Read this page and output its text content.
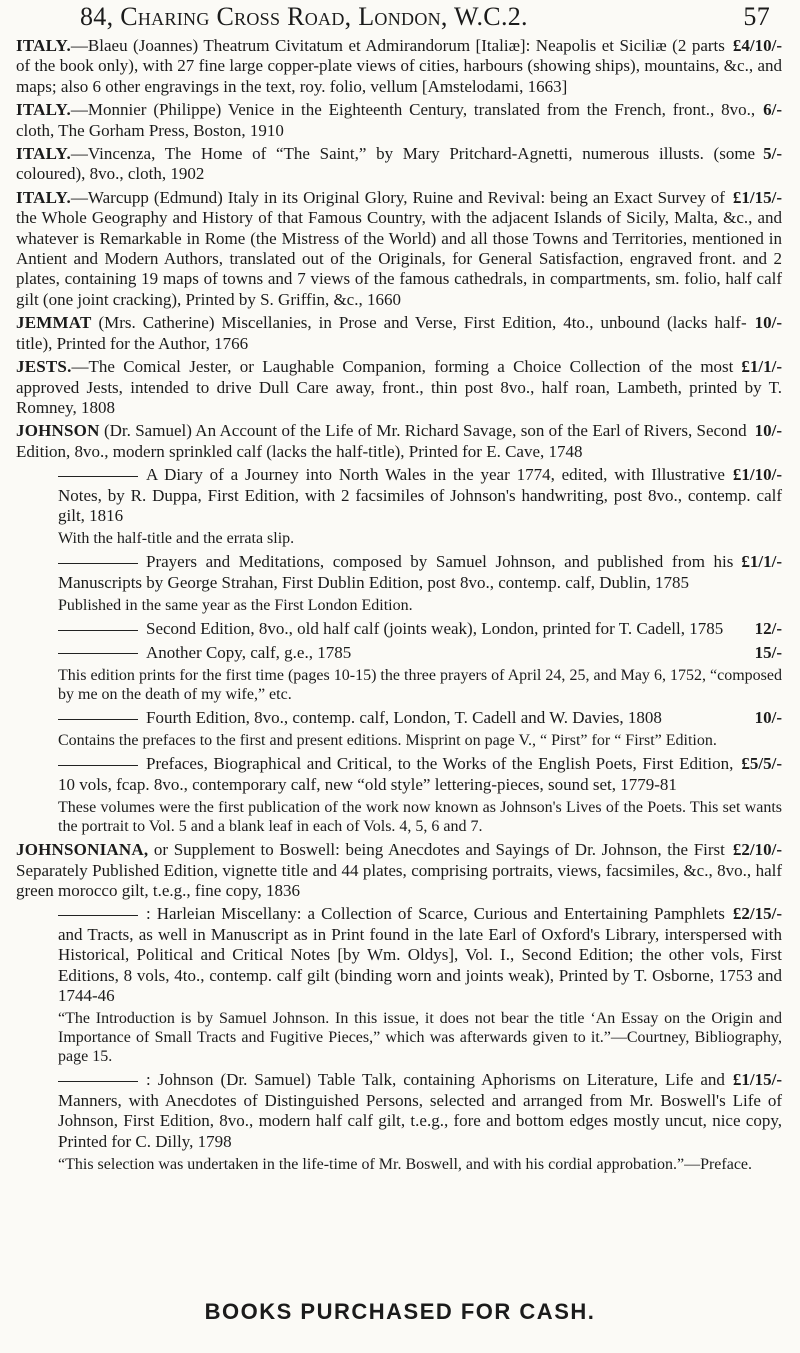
84, Charing Cross Road, London, W.C.2.	57
£4/10/-
ITALY.—Blaeu (Joannes) Theatrum Civitatum et Admirandorum [Italiæ]: Neapolis et Siciliæ (2 parts of the book only), with 27 fine large copper-plate views of cities, harbours (showing ships), mountains, &c., and maps; also 6 other engravings in the text, roy. folio, vellum [Amstelodami, 1663]
6/-
ITALY.—Monnier (Philippe) Venice in the Eighteenth Century, translated from the French, front., 8vo., cloth, The Gorham Press, Boston, 1910
5/-
ITALY.—Vincenza, The Home of “The Saint,” by Mary Pritchard-Agnetti, numerous illusts. (some coloured), 8vo., cloth, 1902
£1/15/-
ITALY.—Warcupp (Edmund) Italy in its Original Glory, Ruine and Revival: being an Exact Survey of the Whole Geography and History of that Famous Country, with the adjacent Islands of Sicily, Malta, &c., and whatever is Remarkable in Rome (the Mistress of the World) and all those Towns and Territories, mentioned in Antient and Modern Authors, translated out of the Originals, for General Satisfaction, engraved front. and 2 plates, containing 19 maps of towns and 7 views of the famous cathedrals, in compartments, sm. folio, half calf gilt (one joint cracking), Printed by S. Griffin, &c., 1660
10/-
JEMMAT (Mrs. Catherine) Miscellanies, in Prose and Verse, First Edition, 4to., unbound (lacks half-title), Printed for the Author, 1766
£1/1/-
JESTS.—The Comical Jester, or Laughable Companion, forming a Choice Collection of the most approved Jests, intended to drive Dull Care away, front., thin post 8vo., half roan, Lambeth, printed by T. Romney, 1808
10/-
JOHNSON (Dr. Samuel) An Account of the Life of Mr. Richard Savage, son of the Earl of Rivers, Second Edition, 8vo., modern sprinkled calf (lacks the half-title), Printed for E. Cave, 1748
£1/10/-
A Diary of a Journey into North Wales in the year 1774, edited, with Illustrative Notes, by R. Duppa, First Edition, with 2 facsimiles of Johnson's handwriting, post 8vo., contemp. calf gilt, 1816
With the half-title and the errata slip.
£1/1/-
Prayers and Meditations, composed by Samuel Johnson, and published from his Manuscripts by George Strahan, First Dublin Edition, post 8vo., contemp. calf, Dublin, 1785
Published in the same year as the First London Edition.
12/-
Second Edition, 8vo., old half calf (joints weak), London, printed for T. Cadell, 1785
15/-
Another Copy, calf, g.e., 1785
This edition prints for the first time (pages 10-15) the three prayers of April 24, 25, and May 6, 1752, “composed by me on the death of my wife,” etc.
10/-
Fourth Edition, 8vo., contemp. calf, London, T. Cadell and W. Davies, 1808
Contains the prefaces to the first and present editions. Misprint on page V., “ Pirst” for “ First” Edition.
£5/5/-
Prefaces, Biographical and Critical, to the Works of the English Poets, First Edition, 10 vols, fcap. 8vo., contemporary calf, new “old style” lettering-pieces, sound set, 1779-81
These volumes were the first publication of the work now known as Johnson's Lives of the Poets. This set wants the portrait to Vol. 5 and a blank leaf in each of Vols. 4, 5, 6 and 7.
£2/10/-
JOHNSONIANA, or Supplement to Boswell: being Anecdotes and Sayings of Dr. Johnson, the First Separately Published Edition, vignette title and 44 plates, comprising portraits, views, facsimiles, &c., 8vo., half green morocco gilt, t.e.g., fine copy, 1836
£2/15/-
: Harleian Miscellany: a Collection of Scarce, Curious and Entertaining Pamphlets and Tracts, as well in Manuscript as in Print found in the late Earl of Oxford's Library, interspersed with Historical, Political and Critical Notes [by Wm. Oldys], Vol. I., Second Edition; the other vols, First Editions, 8 vols, 4to., contemp. calf gilt (binding worn and joints weak), Printed by T. Osborne, 1753 and 1744-46
“The Introduction is by Samuel Johnson. In this issue, it does not bear the title ‘An Essay on the Origin and Importance of Small Tracts and Fugitive Pieces,” which was afterwards given to it.”—Courtney, Bibliography, page 15.
£1/15/-
: Johnson (Dr. Samuel) Table Talk, containing Aphorisms on Literature, Life and Manners, with Anecdotes of Distinguished Persons, selected and arranged from Mr. Boswell's Life of Johnson, First Edition, 8vo., modern half calf gilt, t.e.g., fore and bottom edges mostly uncut, nice copy, Printed for C. Dilly, 1798
“This selection was undertaken in the life-time of Mr. Boswell, and with his cordial approbation.”—Preface.
BOOKS PURCHASED FOR CASH.
